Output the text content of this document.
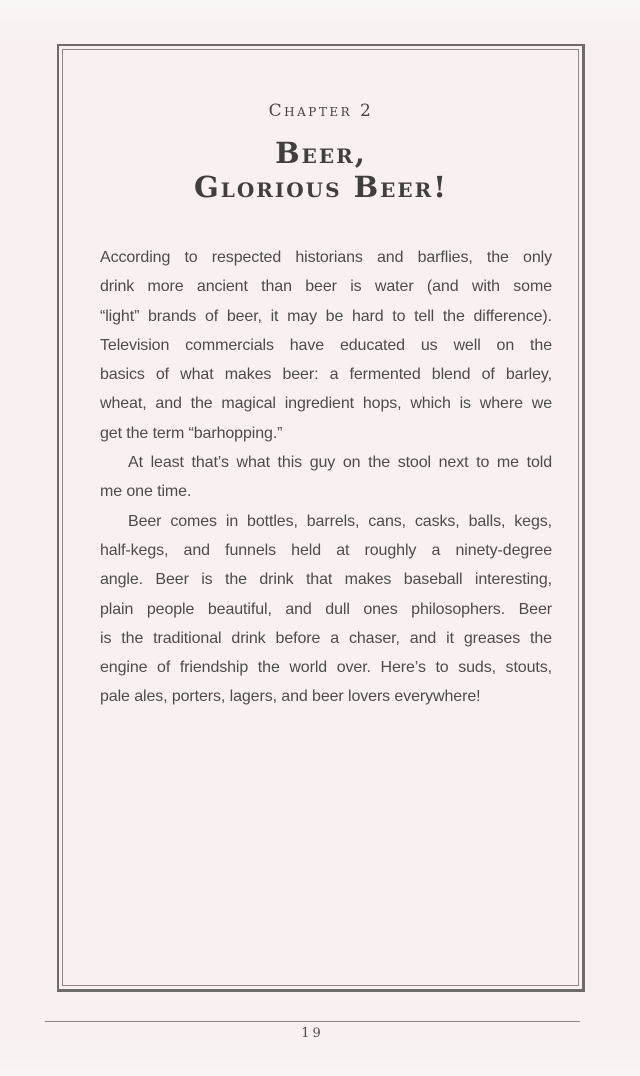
Chapter 2
Beer,
Glorious Beer!
According to respected historians and barflies, the only
drink more ancient than beer is water (and with some
“light” brands of beer, it may be hard to tell the difference).
Television commercials have educated us well on the
basics of what makes beer: a fermented blend of barley,
wheat, and the magical ingredient hops, which is where we
get the term “barhopping.”
At least that’s what this guy on the stool next to me told
me one time.
Beer comes in bottles, barrels, cans, casks, balls, kegs,
half-kegs, and funnels held at roughly a ninety-degree
angle. Beer is the drink that makes baseball interesting,
plain people beautiful, and dull ones philosophers. Beer
is the traditional drink before a chaser, and it greases the
engine of friendship the world over. Here’s to suds, stouts,
pale ales, porters, lagers, and beer lovers everywhere!
19
